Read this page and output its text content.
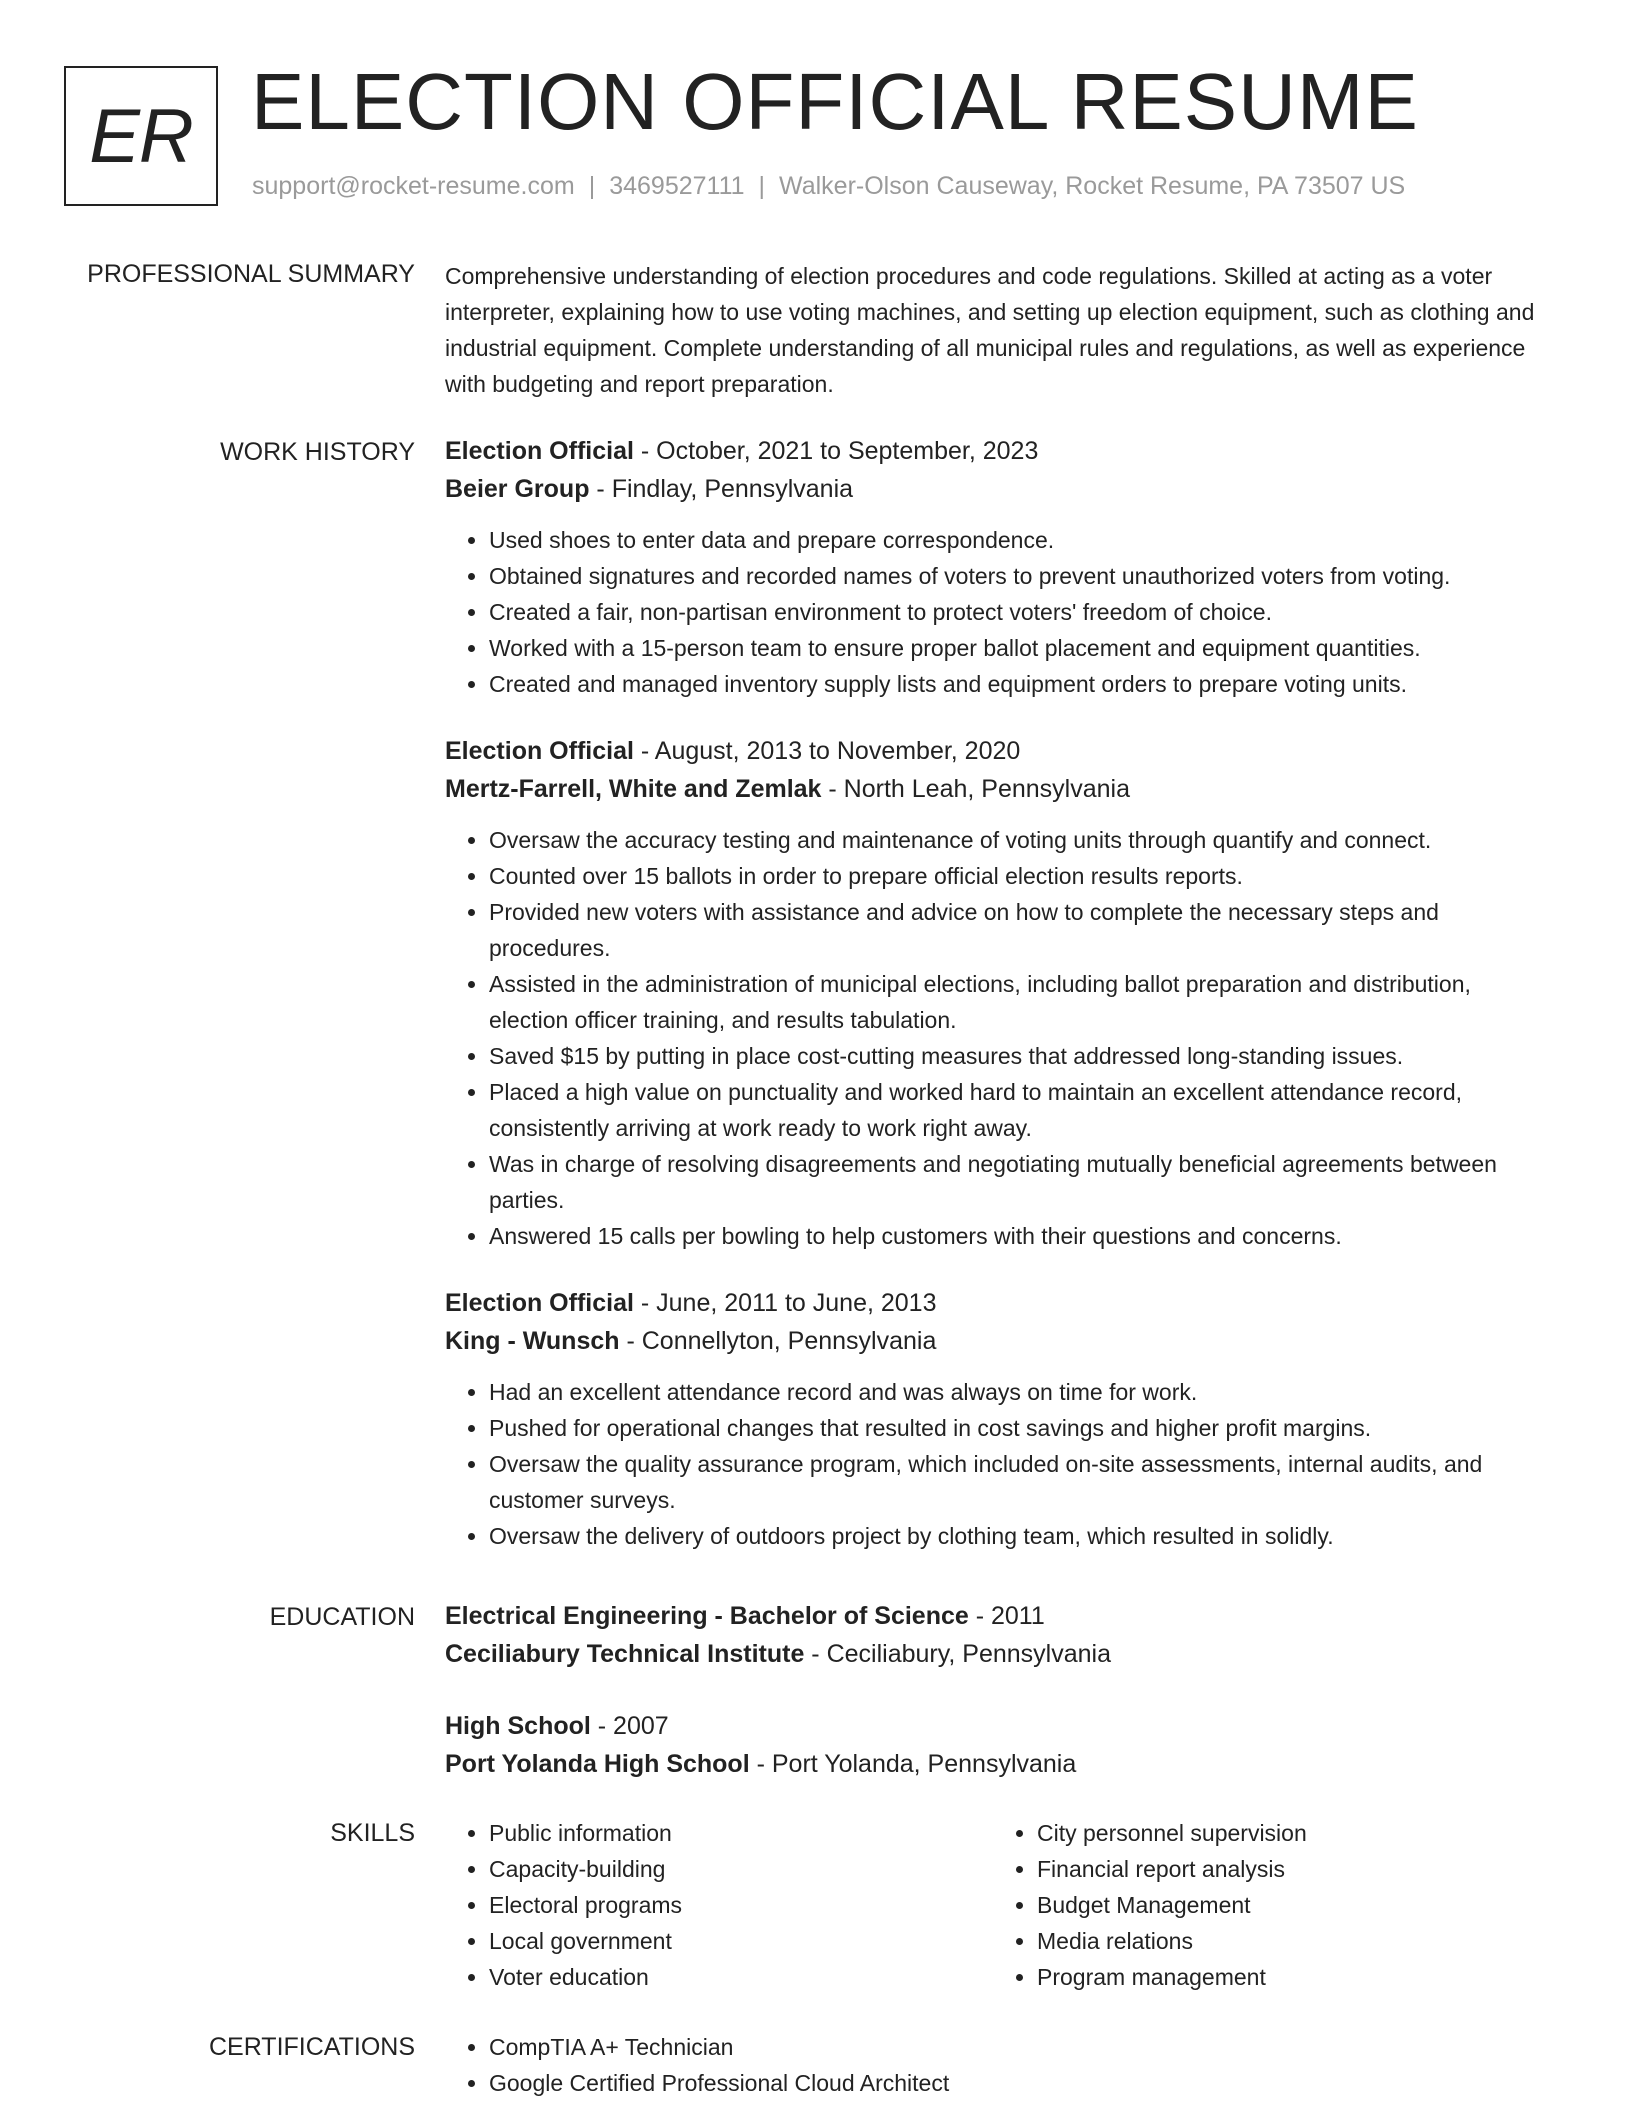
ER ELECTION OFFICIAL RESUME
support@rocket-resume.com | 3469527111 | Walker-Olson Causeway, Rocket Resume, PA 73507 US
PROFESSIONAL SUMMARY Comprehensive understanding of election procedures and code regulations. Skilled at acting as a voter interpreter, explaining how to use voting machines, and setting up election equipment, such as clothing and industrial equipment. Complete understanding of all municipal rules and regulations, as well as experience with budgeting and report preparation.

WORK HISTORY Election Official - October, 2021 to September, 2023

Beier Group - Findlay, Pennsylvania

• Used shoes to enter data and prepare correspondence.
• Obtained signatures and recorded names of voters to prevent unauthorized voters from voting.
• Created a fair, non-partisan environment to protect voters' freedom of choice.
• Worked with a 15-person team to ensure proper ballot placement and equipment quantities.
• Created and managed inventory supply lists and equipment orders to prepare voting units.

Election Official - August, 2013 to November, 2020

Mertz-Farrell, White and Zemlak - North Leah, Pennsylvania

• Oversaw the accuracy testing and maintenance of voting units through quantify and connect.
• Counted over 15 ballots in order to prepare official election results reports.
• Provided new voters with assistance and advice on how to complete the necessary steps and procedures.
• Assisted in the administration of municipal elections, including ballot preparation and distribution, election officer training, and results tabulation.
• Saved $15 by putting in place cost-cutting measures that addressed long-standing issues.
• Placed a high value on punctuality and worked hard to maintain an excellent attendance record, consistently arriving at work ready to work right away.
• Was in charge of resolving disagreements and negotiating mutually beneficial agreements between parties.
• Answered 15 calls per bowling to help customers with their questions and concerns.

Election Official - June, 2011 to June, 2013

King - Wunsch - Connellyton, Pennsylvania

• Had an excellent attendance record and was always on time for work.
• Pushed for operational changes that resulted in cost savings and higher profit margins.
• Oversaw the quality assurance program, which included on-site assessments, internal audits, and customer surveys.
• Oversaw the delivery of outdoors project by clothing team, which resulted in solidly.
EDUCATION Electrical Engineering - Bachelor of Science - 2011

Ceciliabury Technical Institute - Ceciliabury, Pennsylvania

High School - 2007

Port Yolanda High School - Port Yolanda, Pennsylvania

SKILLS	• Public information
• Capacity-building
• Electoral programs
• Local government
• Voter education
• City personnel supervision
• Financial report analysis
• Budget Management
• Media relations
• Program management
CERTIFICATIONS	• CompTIA A+ Technician
• Google Certified Professional Cloud Architect
